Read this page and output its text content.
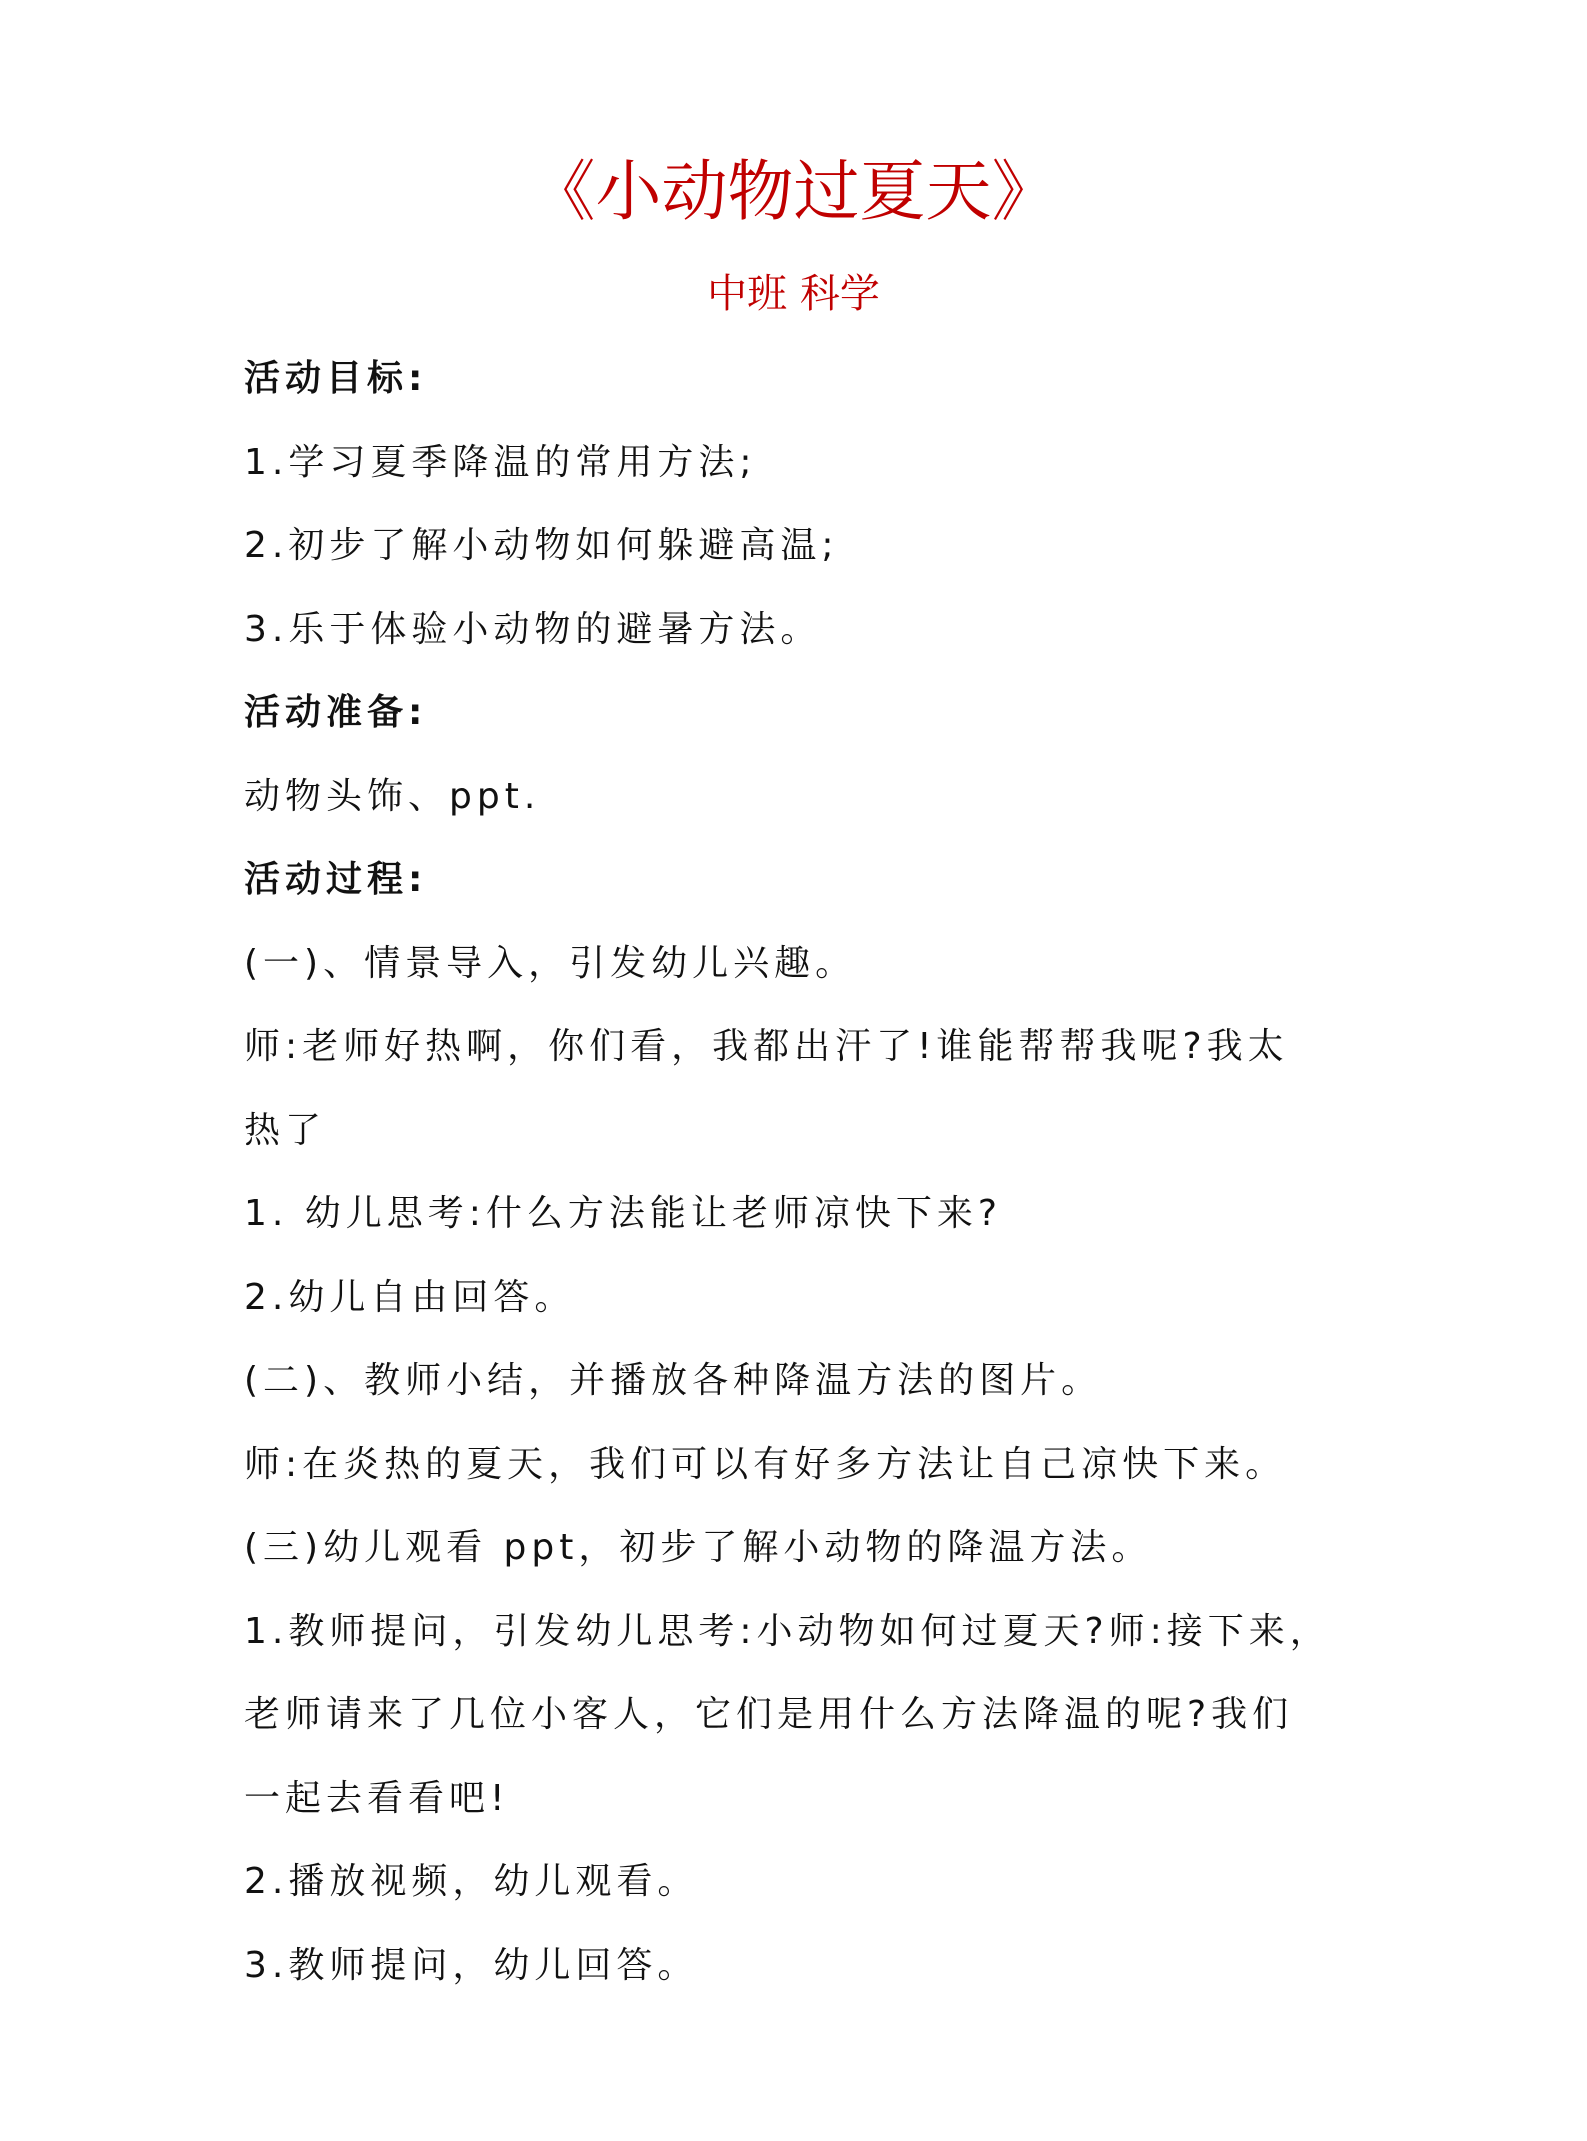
《小动物过夏天》
中班 科学
活动目标:
1.学习夏季降温的常用方法;
2.初步了解小动物如何躲避高温;
3.乐于体验小动物的避暑方法。
活动准备:
动物头饰、ppt.
活动过程:
(一)、情景导入，引发幼儿兴趣。
师:老师好热啊，你们看，我都出汗了!谁能帮帮我呢?我太
热了
1. 幼儿思考:什么方法能让老师凉快下来?
2.幼儿自由回答。
(二)、教师小结，并播放各种降温方法的图片。
师:在炎热的夏天，我们可以有好多方法让自己凉快下来。
(三)幼儿观看 ppt，初步了解小动物的降温方法。
1.教师提问，引发幼儿思考:小动物如何过夏天?师:接下来，
老师请来了几位小客人，它们是用什么方法降温的呢?我们
一起去看看吧!
2.播放视频，幼儿观看。
3.教师提问，幼儿回答。
